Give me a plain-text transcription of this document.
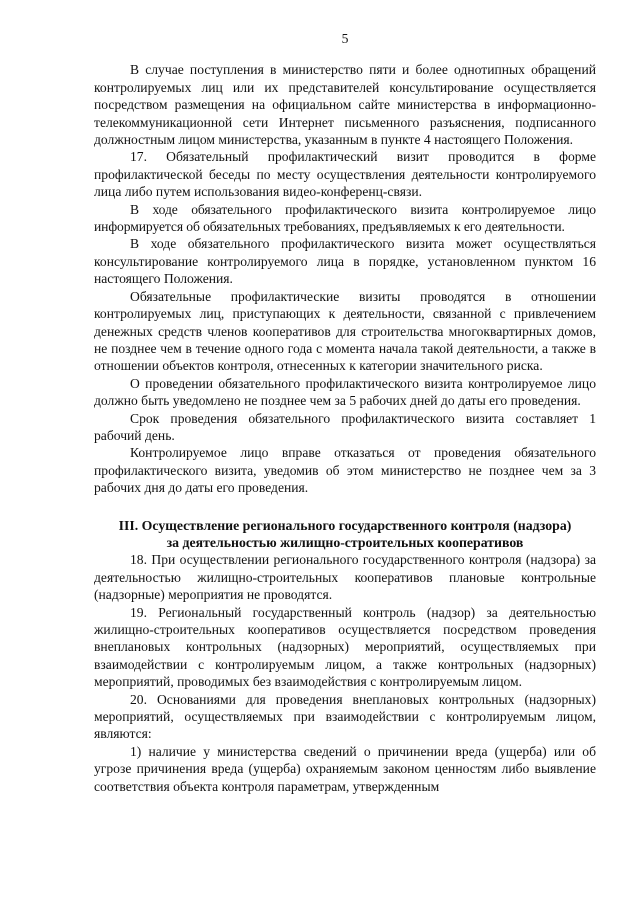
5

В случае поступления в министерство пяти и более однотипных обращений контролируемых лиц или их представителей консультирование осуществляется посредством размещения на официальном сайте министерства в информационно-телекоммуникационной сети Интернет письменного разъяснения, подписанного должностным лицом министерства, указанным в пункте 4 настоящего Положения.

17. Обязательный профилактический визит проводится в форме профилактической беседы по месту осуществления деятельности контролируемого лица либо путем использования видео-конференц-связи.

В ходе обязательного профилактического визита контролируемое лицо информируется об обязательных требованиях, предъявляемых к его деятельности.

В ходе обязательного профилактического визита может осуществляться консультирование контролируемого лица в порядке, установленном пунктом 16 настоящего Положения.

Обязательные профилактические визиты проводятся в отношении контролируемых лиц, приступающих к деятельности, связанной с привлечением денежных средств членов кооперативов для строительства многоквартирных домов, не позднее чем в течение одного года с момента начала такой деятельности, а также в отношении объектов контроля, отнесенных к категории значительного риска.

О проведении обязательного профилактического визита контролируемое лицо должно быть уведомлено не позднее чем за 5 рабочих дней до даты его проведения.

Срок проведения обязательного профилактического визита составляет 1 рабочий день.

Контролируемое лицо вправе отказаться от проведения обязательного профилактического визита, уведомив об этом министерство не позднее чем за 3 рабочих дня до даты его проведения.

III. Осуществление регионального государственного контроля (надзора)
за деятельностью жилищно-строительных кооперативов

18. При осуществлении регионального государственного контроля (надзора) за деятельностью жилищно-строительных кооперативов плановые контрольные (надзорные) мероприятия не проводятся.

19. Региональный государственный контроль (надзор) за деятельностью жилищно-строительных кооперативов осуществляется посредством проведения внеплановых контрольных (надзорных) мероприятий, осуществляемых при взаимодействии с контролируемым лицом, а также контрольных (надзорных) мероприятий, проводимых без взаимодействия с контролируемым лицом.

20. Основаниями для проведения внеплановых контрольных (надзорных) мероприятий, осуществляемых при взаимодействии с контролируемым лицом, являются:

1) наличие у министерства сведений о причинении вреда (ущерба) или об угрозе причинения вреда (ущерба) охраняемым законом ценностям либо выявление соответствия объекта контроля параметрам, утвержденным
